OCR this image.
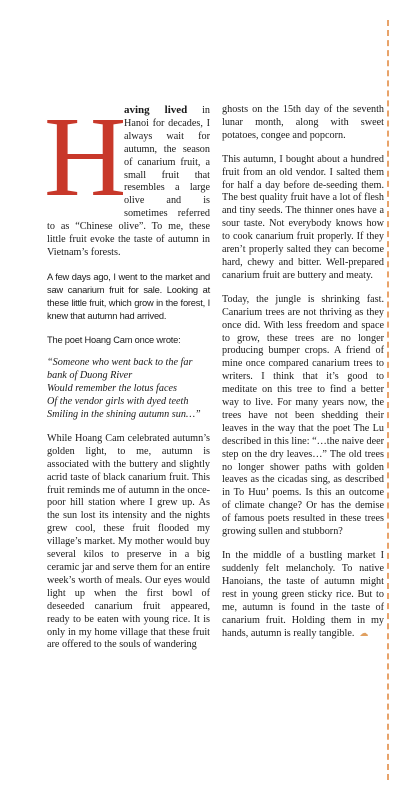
H
aving lived in Hanoi for decades, I always wait for autumn, the season of canarium fruit, a small fruit that resembles a large olive and is sometimes referred to as “Chinese olive”. To me, these little fruit evoke the taste of autumn in Vietnam’s forests.

A few days ago, I went to the market and saw canarium fruit for sale. Looking at these little fruit, which grow in the forest, I knew that autumn had arrived.

The poet Hoang Cam once wrote:

“Someone who went back to the far bank of Duong River
Would remember the lotus faces
Of the vendor girls with dyed teeth
Smiling in the shining autumn sun…”

While Hoang Cam celebrated autumn’s golden light, to me, autumn is associated with the buttery and slightly acrid taste of black canarium fruit. This fruit reminds me of autumn in the once-poor hill station where I grew up. As the sun lost its intensity and the nights grew cool, these fruit flooded my village’s market. My mother would buy several kilos to preserve in a big ceramic jar and serve them for an entire week’s worth of meals. Our eyes would light up when the first bowl of deseeded canarium fruit appeared, ready to be eaten with young rice. It is only in my home village that these fruit are offered to the souls of wandering

ghosts on the 15th day of the seventh lunar month, along with sweet potatoes, congee and popcorn.

This autumn, I bought about a hundred fruit from an old vendor. I salted them for half a day before de-seeding them. The best quality fruit have a lot of flesh and tiny seeds. The thinner ones have a sour taste. Not everybody knows how to cook canarium fruit properly. If they aren’t properly salted they can become hard, chewy and bitter. Well-prepared canarium fruit are buttery and meaty.

Today, the jungle is shrinking fast. Canarium trees are not thriving as they once did. With less freedom and space to grow, these trees are no longer producing bumper crops. A friend of mine once compared canarium trees to writers. I think that it’s good to meditate on this tree to find a better way to live. For many years now, the trees have not been shedding their leaves in the way that the poet The Lu described in this line: “…the naive deer step on the dry leaves…” The old trees no longer shower paths with golden leaves as the cicadas sing, as described in To Huu’ poems. Is this an outcome of climate change? Or has the demise of famous poets resulted in these trees growing sullen and stubborn?

In the middle of a bustling market I suddenly felt melancholy. To native Hanoians, the taste of autumn might rest in young green sticky rice. But to me, autumn is found in the taste of canarium fruit. Holding them in my hands, autumn is really tangible. ☁
